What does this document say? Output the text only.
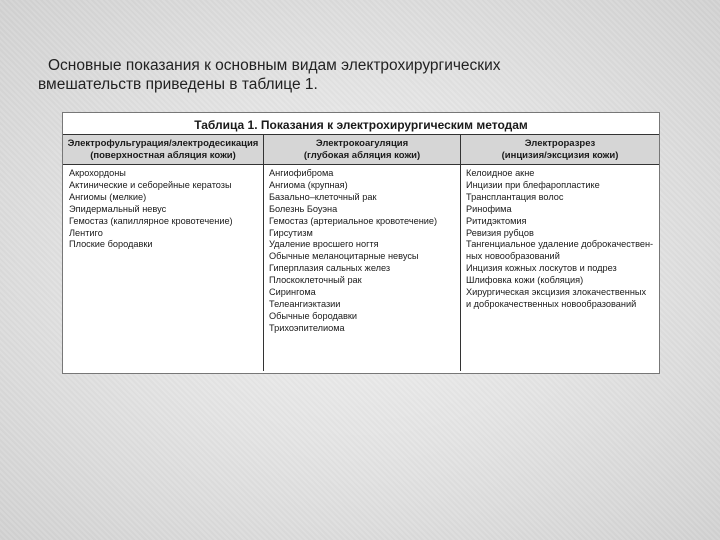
Основные показания к основным видам электрохирургических
вмешательств приведены в таблице 1.

Таблица 1. Показания к электрохирургическим методам
Электрофульгурация/электродесикация
(поверхностная абляция кожи)
Электрокоагуляция
(глубокая абляция кожи)
Электроразрез
(инцизия/эксцизия кожи)
Акрохордоны
Актинические и себорейные кератозы
Ангиомы (мелкие)
Эпидермальный невус
Гемостаз (капиллярное кровотечение)
Лентиго
Плоские бородавки
Ангиофиброма
Ангиома (крупная)
Базально–клеточный рак
Болезнь Боуэна
Гемостаз (артериальное кровотечение)
Гирсутизм
Удаление вросшего ногтя
Обычные меланоцитарные невусы
Гиперплазия сальных желез
Плоскоклеточный рак
Сирингома
Телеангиэктазии
Обычные бородавки
Трихоэпителиома
Келоидное акне
Инцизии при блефаропластике
Трансплантация волос
Ринофима
Ритидэктомия
Ревизия рубцов
Тангенциальное удаление доброкачествен-
ных новообразований
Инцизия кожных лоскутов и подрез
Шлифовка кожи (кобляция)
Хирургическая эксцизия злокачественных
и доброкачественных новообразований
